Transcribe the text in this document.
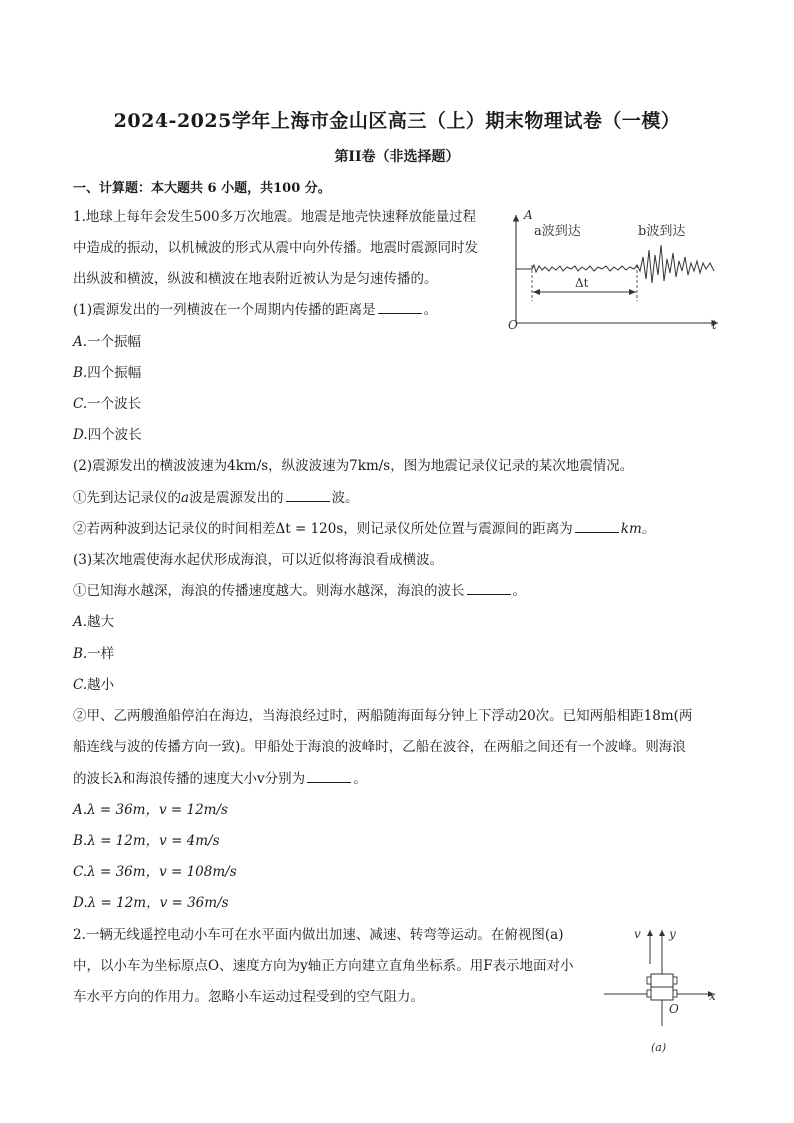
2024-2025学年上海市金山区高三（上）期末物理试卷（一模）
第II卷（非选择题）
一、计算题：本大题共 6 小题，共100 分。
1.地球上每年会发生500多万次地震。地震是地壳快速释放能量过程
中造成的振动，以机械波的形式从震中向外传播。地震时震源同时发
出纵波和横波，纵波和横波在地表附近被认为是匀速传播的。
(1)震源发出的一列横波在一个周期内传播的距离是	。
A.一个振幅
B.四个振幅
C.一个波长
D.四个波长
(2)震源发出的横波波速为4km/s，纵波波速为7km/s，图为地震记录仪记录的某次地震情况。
①先到达记录仪的a波是震源发出的	波。
②若两种波到达记录仪的时间相差Δt = 120s，则记录仪所处位置与震源间的距离为	km。
(3)某次地震使海水起伏形成海浪，可以近似将海浪看成横波。
①已知海水越深，海浪的传播速度越大。则海水越深，海浪的波长	。
A.越大
B.一样
C.越小
②甲、乙两艘渔船停泊在海边，当海浪经过时，两船随海面每分钟上下浮动20次。已知两船相距18m(两
船连线与波的传播方向一致)。甲船处于海浪的波峰时，乙船在波谷，在两船之间还有一个波峰。则海浪
的波长λ和海浪传播的速度大小v分别为	。
A.λ = 36m，v = 12m/s
B.λ = 12m，v = 4m/s
C.λ = 36m，v = 108m/s
D.λ = 12m，v = 36m/s
2.一辆无线遥控电动小车可在水平面内做出加速、减速、转弯等运动。在俯视图(a)
中，以小车为坐标原点O、速度方向为y轴正方向建立直角坐标系。用F表示地面对小
车水平方向的作用力。忽略小车运动过程受到的空气阻力。
A
t
O
a波到达	b波到达
Δt
v y
x
O
(a)
